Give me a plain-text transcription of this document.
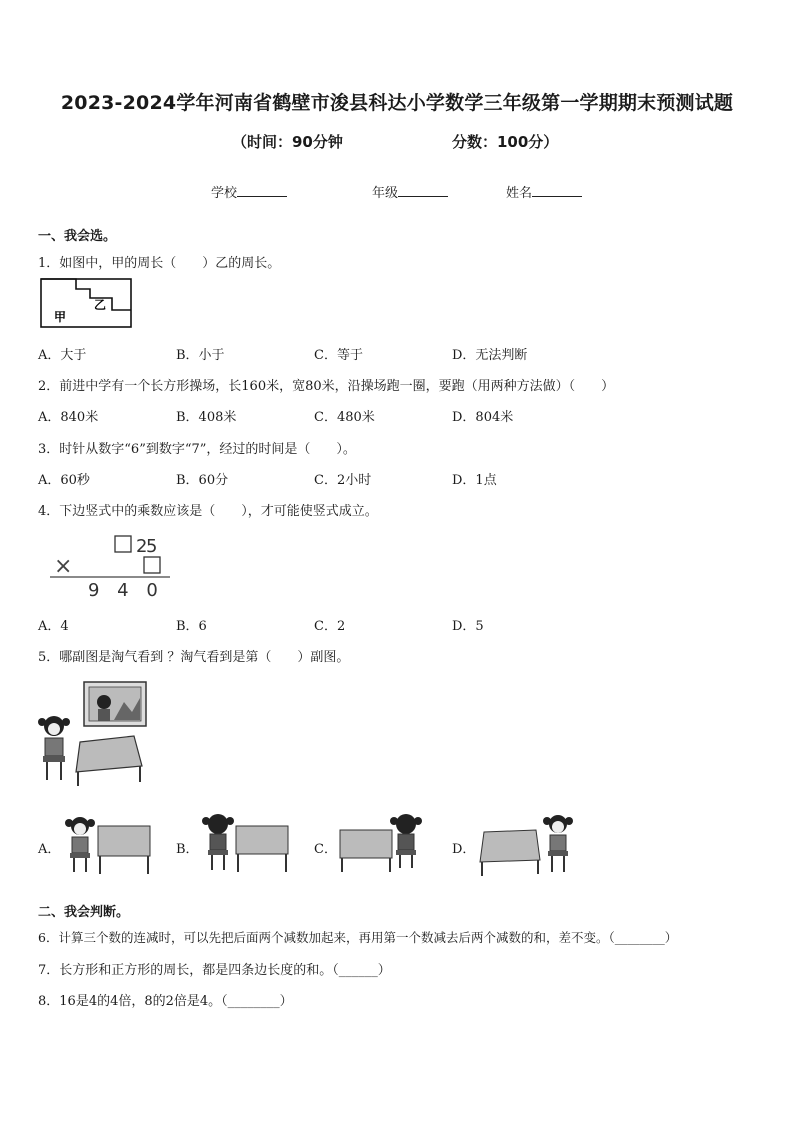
2023-2024学年河南省鹤壁市浚县科达小学数学三年级第一学期期末预测试题
（时间：90分钟	分数：100分）
学校	年级	姓名
一、我会选。
1．如图中，甲的周长（　　）乙的周长。
甲
乙
A．大于	B．小于	C．等于	D．无法判断
2．前进中学有一个长方形操场，长160米，宽80米，沿操场跑一圈，要跑（用两种方法做）（　　）
A．840米	B．408米	C．480米	D．804米
3．时针从数字“6”到数字“7”，经过的时间是（　　）。
A．60秒	B．60分	C．2小时	D．1点
4．下边竖式中的乘数应该是（　　），才可能使竖式成立。
2
5
×
9 4 0
A．4	B．6	C．2	D．5
5．哪副图是淘气看到 ？淘气看到是第（　　）副图。
A．	B．	C．	D．
二、我会判断。
6．计算三个数的连减时，可以先把后面两个减数加起来，再用第一个数减去后两个减数的和，差不变。（________）
7．长方形和正方形的周长，都是四条边长度的和。（______）
8．16是4的4倍，8的2倍是4。（________）
